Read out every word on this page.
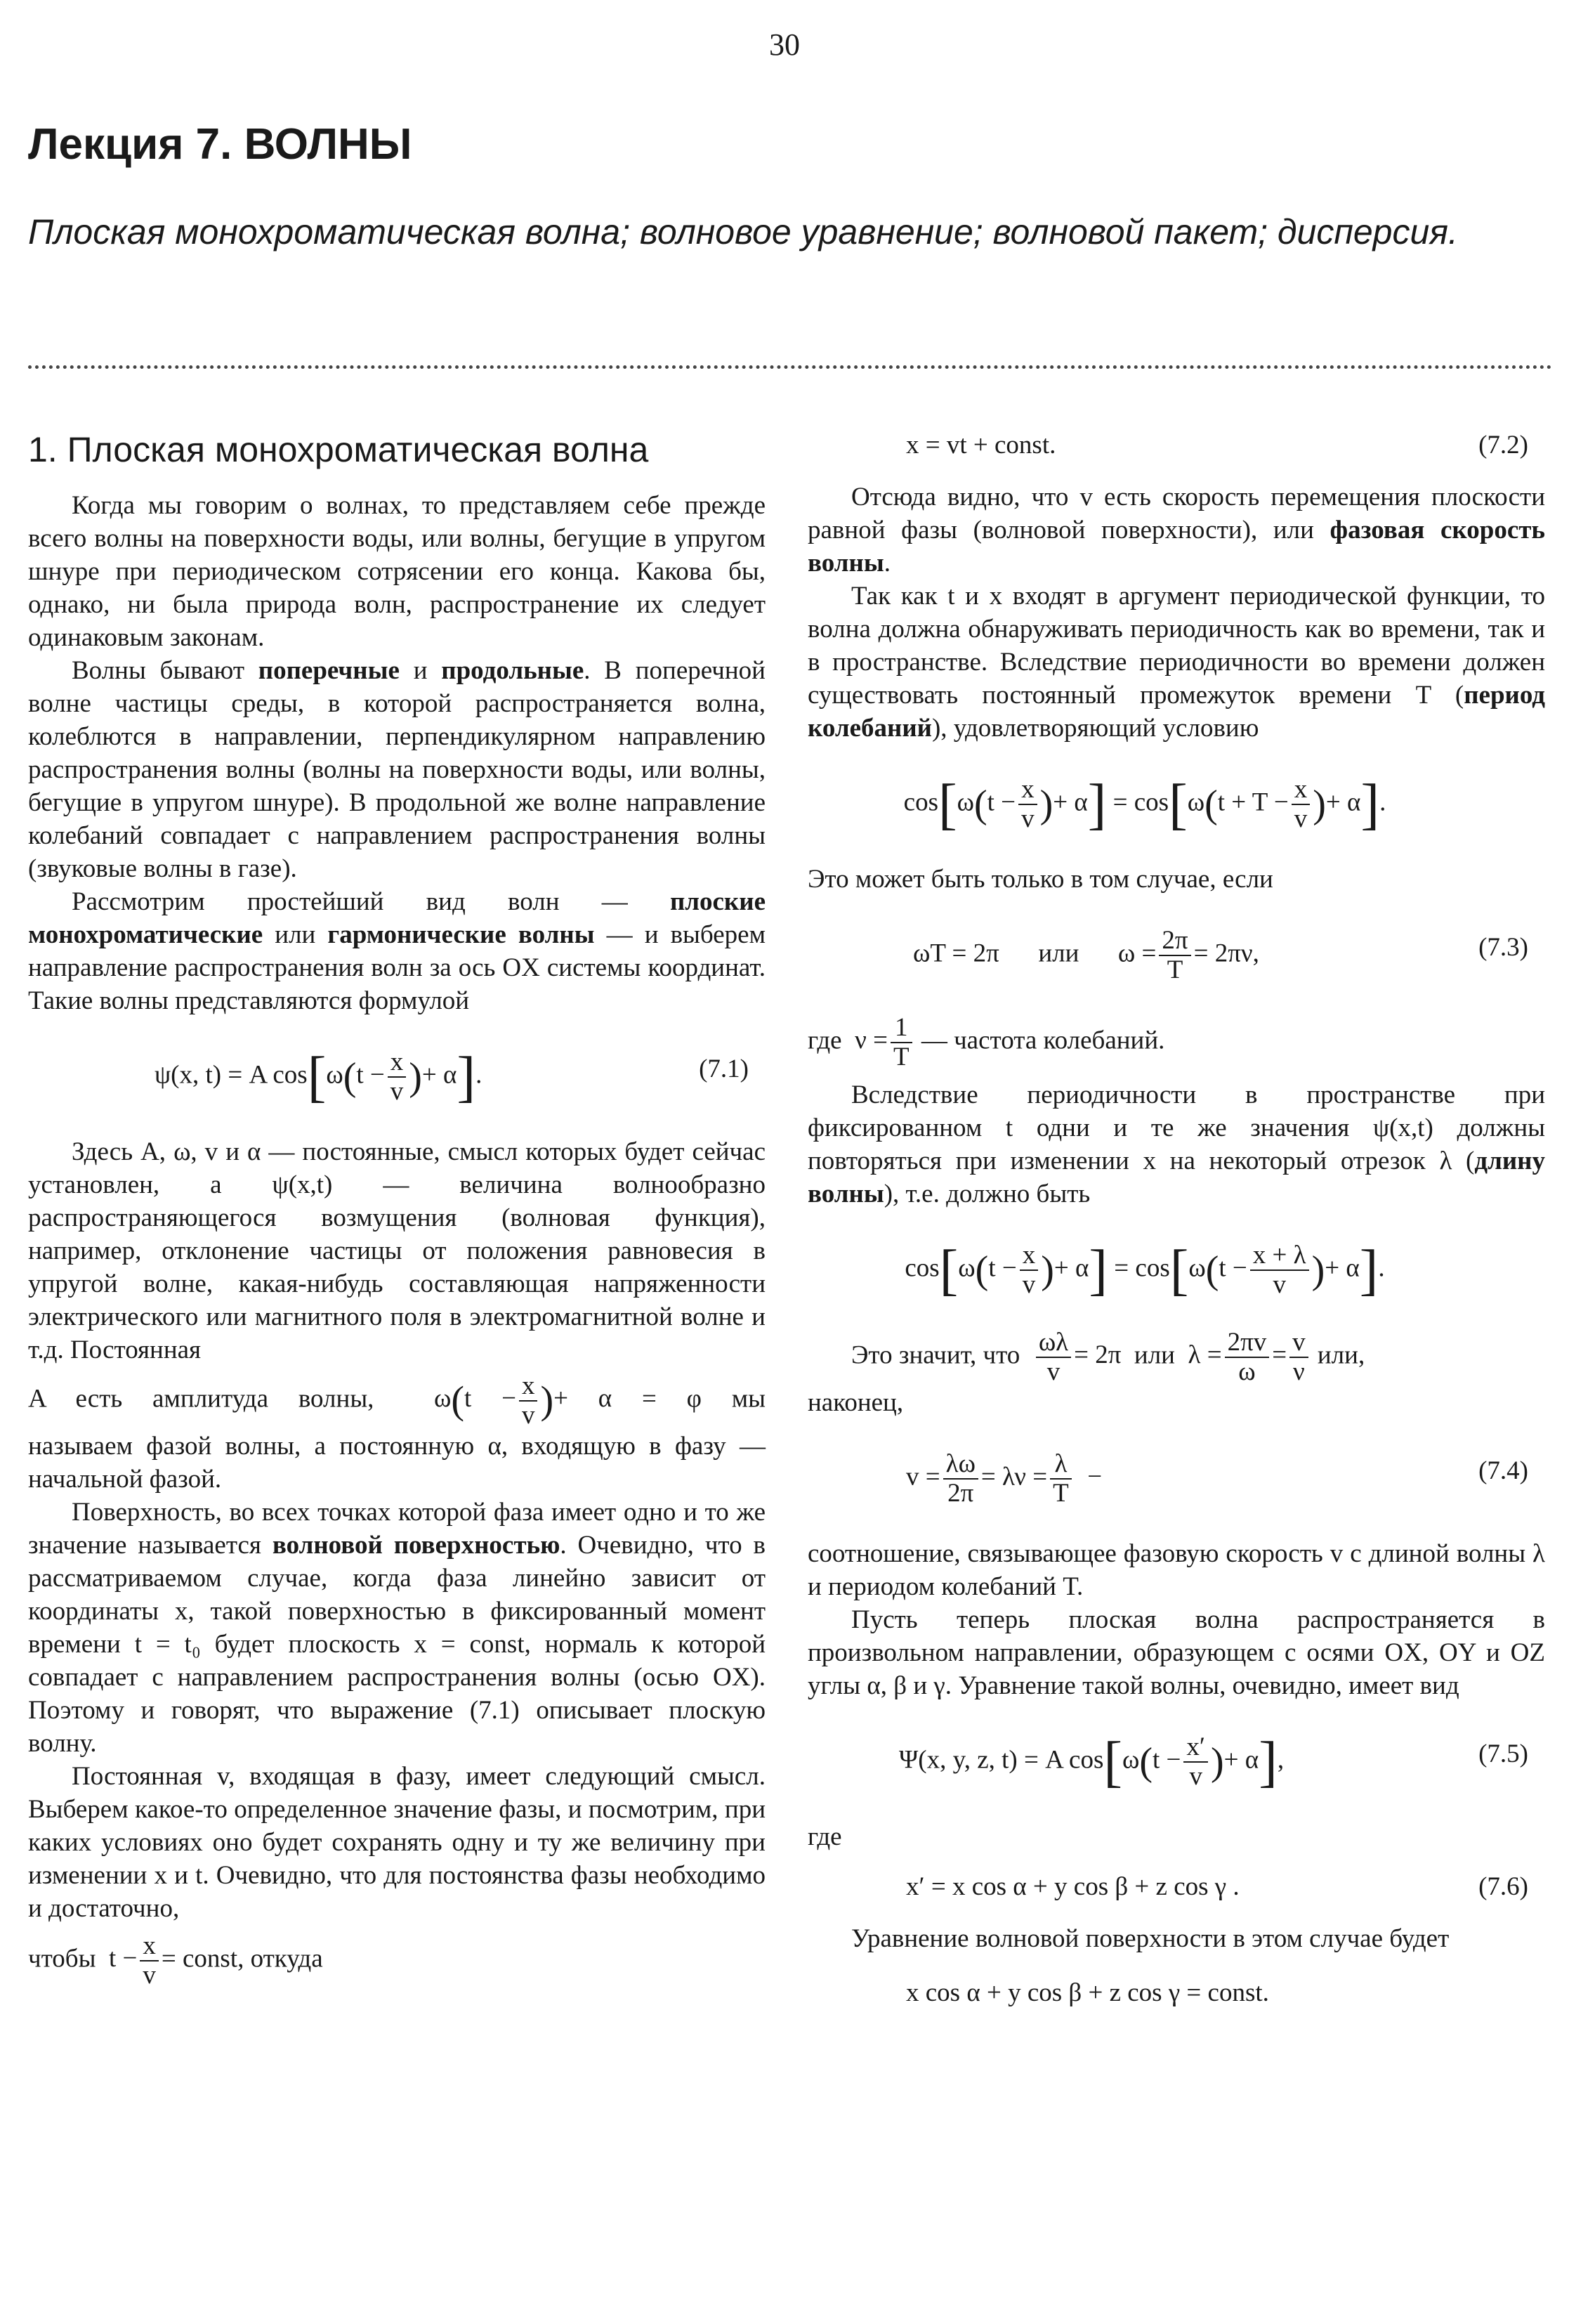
30
Лекция 7. ВОЛНЫ

Плоская монохроматическая волна; волновое уравнение; волновой пакет; дисперсия.

1. Плоская монохроматическая волна

Когда мы говорим о волнах, то представляем себе прежде всего волны на поверхности воды, или волны, бегущие в упругом шнуре при периодическом сотрясении его конца. Какова бы, однако, ни была природа волн, распространение их следует одинаковым законам.

Волны бывают поперечные и продольные. В поперечной волне частицы среды, в которой распространяется волна, колеблются в направлении, перпендикулярном направлению распространения волны (волны на поверхности воды, или волны, бегущие в упругом шнуре). В продольной же волне направление колебаний совпадает с направлением распространения волны (звуковые волны в газе).

Рассмотрим простейший вид волн — плоские монохроматические или гармонические волны — и выберем направление распространения волн за ось OX системы координат. Такие волны представляются формулой

ψ(x, t) = A $\cos[\omega(t - \frac{x}{v}$ )+ α].	(7.1)

Здесь A, ω, v и α — постоянные, смысл которых будет сейчас установлен, а ψ(x,t) — величина волнообразно распространяющегося возмущения (волновая функция), например, отклонение частицы от положения равновесия в упругой волне, какая-нибудь составляющая напряженности электрического или магнитного поля в электромагнитной волне и т.д. Постоянная

A есть амплитуда волны,  $\omega(t - \frac{x}{v}$ )+ α = φ мы

называем фазой волны, а постоянную α, входящую в фазу — начальной фазой.

Поверхность, во всех точках которой фаза имеет одно и то же значение называется волновой поверхностью. Очевидно, что в рассматриваемом случае, когда фаза линейно зависит от координаты x, такой поверхностью в фиксированный момент времени t = t₀ будет плоскость x = const, нормаль к которой совпадает с направлением распространения волны (осью OX). Поэтому и говорят, что выражение (7.1) описывает плоскую волну.

Постоянная v, входящая в фазу, имеет следующий смысл. Выберем какое-то определенное значение фазы, и посмотрим, при каких условиях оно будет сохранять одну и ту же величину при изменении x и t. Очевидно, что для постоянства фазы необходимо и достаточно,

чтобы  $t - \frac{x}{v}$ = const, откуда

x = vt + const.	(7.2)

Отсюда видно, что v есть скорость перемещения плоскости равной фазы (волновой поверхности), или фазовая скорость волны.

Так как t и x входят в аргумент периодической функции, то волна должна обнаруживать периодичность как во времени, так и в пространстве. Вследствие периодичности во времени должен существовать постоянный промежуток времени T (период колебаний), удовлетворяющий условию

$\cos[\omega(t - \frac{x}{v}$ )+ $\alpha] = \cos[\omega(t + T - \frac{x}{v}$ )+ α].

Это может быть только в том случае, если

ωT = 2π или      $\omega = \frac{2\pi}{T} = 2\pi\nu$,	(7.3)

где  $\nu = \frac{1}{T}$ — частота колебаний.

Вследствие периодичности в пространстве при фиксированном t одни и те же значения ψ(x,t) должны повторяться при изменении x на некоторый отрезок λ (длину волны), т.е. должно быть

$\cos[\omega(t - \frac{x}{v}$ )+ $\alpha] = \cos[\omega(t - \frac{x + \lambda}{v}$ )+ α].

Это значит, что $\frac{\omega\lambda}{v} = 2\pi$  или  $\lambda = \frac{2\pi v}{\omega} = \frac{v}{\nu}$ или,

наконец,

$v = \frac{\lambda\omega}{2\pi} = \lambda\nu = \frac{\lambda}{T}$ −	(7.4)

соотношение, связывающее фазовую скорость v с длиной волны λ и периодом колебаний T.

Пусть теперь плоская волна распространяется в произвольном направлении, образующем с осями OX, OY и OZ углы α, β и γ. Уравнение такой волны, очевидно, имеет вид

Ψ(x, y, z, t) = A $\cos[\omega(t - \frac{x'}{v}$ )+ α],	(7.5)

где

x′ = x cos α + y cos β + z cos γ .	(7.6)

Уравнение волновой поверхности в этом случае будет

x cos α + y cos β + z cos γ = const.
